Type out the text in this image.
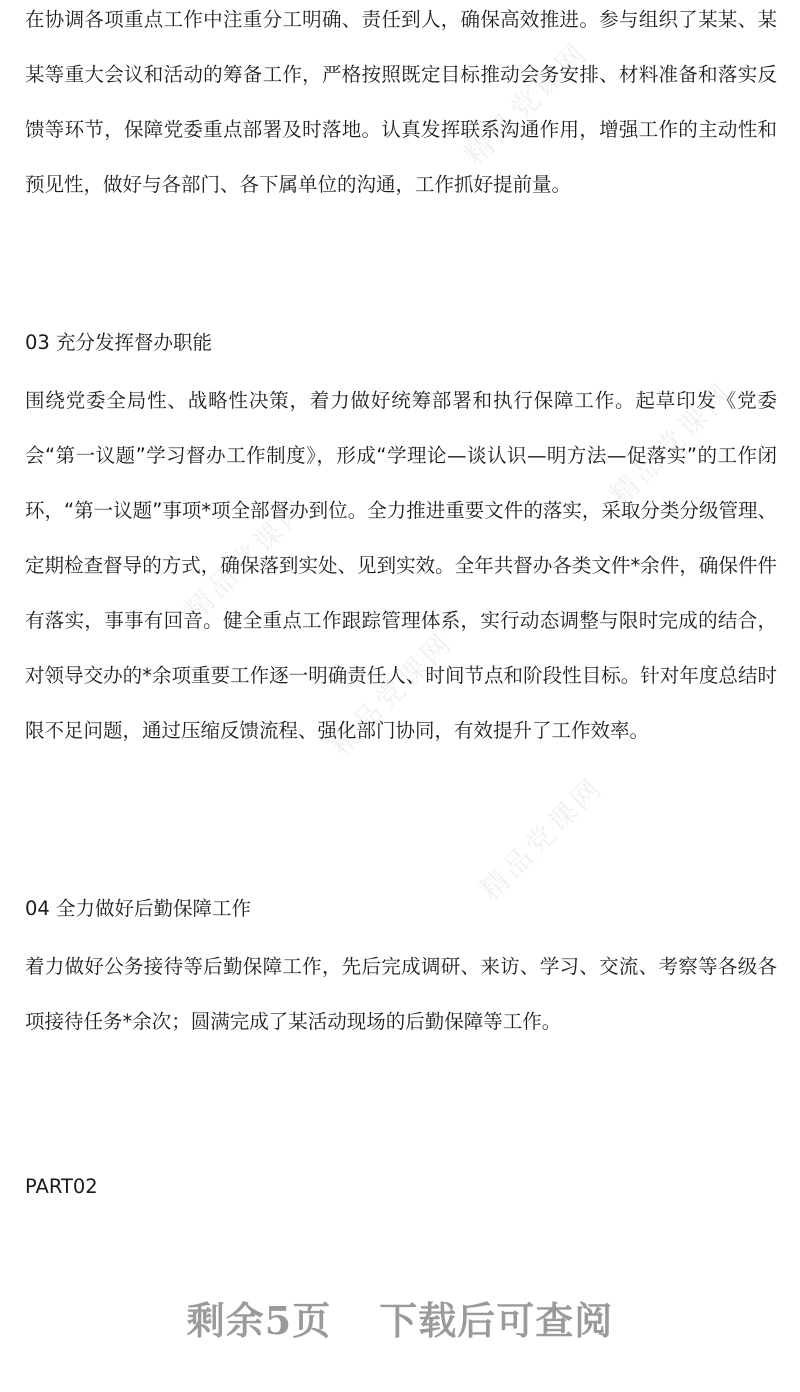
精品党课网
精品党课网
精品党课网
精品党课网
精品党课网

在协调各项重点工作中注重分工明确、责任到人，确保高效推进。参与组织了某某、某某等重大会议和活动的筹备工作，严格按照既定目标推动会务安排、材料准备和落实反馈等环节，保障党委重点部署及时落地。认真发挥联系沟通作用，增强工作的主动性和预见性，做好与各部门、各下属单位的沟通，工作抓好提前量。

03 充分发挥督办职能

围绕党委全局性、战略性决策，着力做好统筹部署和执行保障工作。起草印发《党委会“第一议题”学习督办工作制度》，形成“学理论—谈认识—明方法—促落实”的工作闭环，“第一议题”事项*项全部督办到位。全力推进重要文件的落实，采取分类分级管理、定期检查督导的方式，确保落到实处、见到实效。全年共督办各类文件*余件，确保件件有落实，事事有回音。健全重点工作跟踪管理体系，实行动态调整与限时完成的结合，对领导交办的*余项重要工作逐一明确责任人、时间节点和阶段性目标。针对年度总结时限不足问题，通过压缩反馈流程、强化部门协同，有效提升了工作效率。

04 全力做好后勤保障工作

着力做好公务接待等后勤保障工作，先后完成调研、来访、学习、交流、考察等各级各项接待任务*余次；圆满完成了某活动现场的后勤保障等工作。

PART02
剩余5页 下载后可查阅
